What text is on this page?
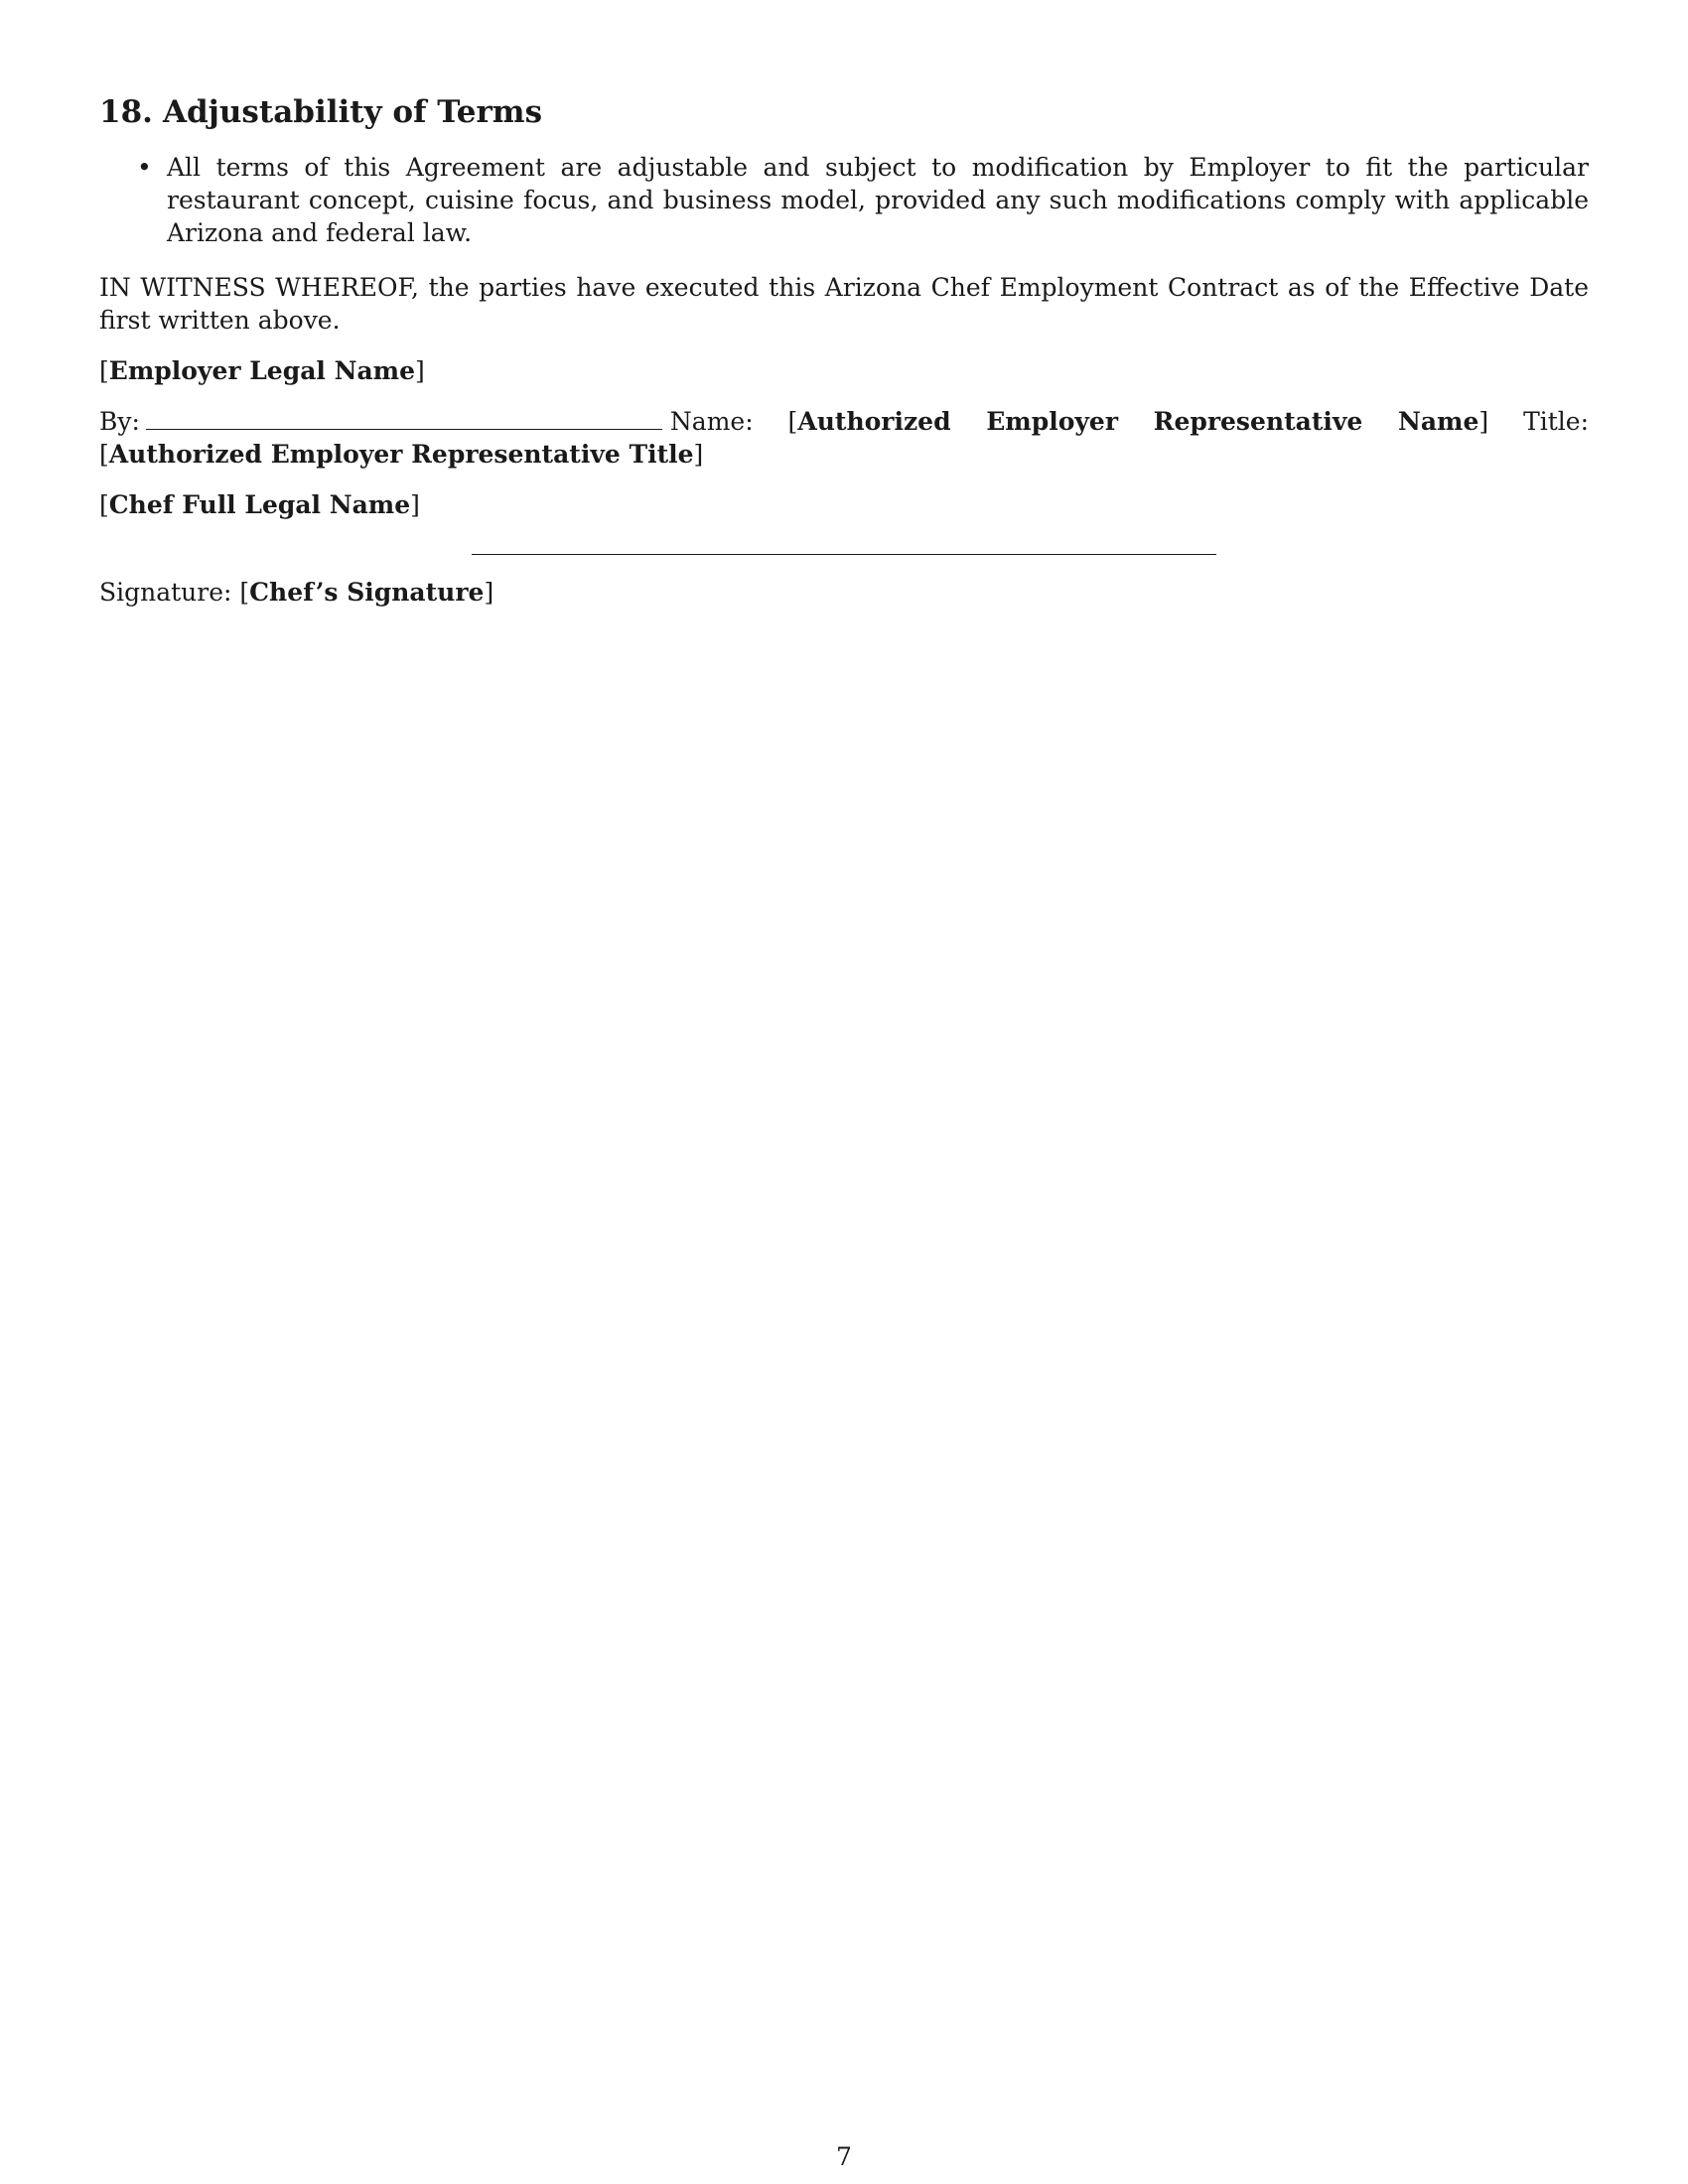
18. Adjustability of Terms
• All terms of this Agreement are adjustable and subject to modification by Employer to fit the particular restaurant concept, cuisine focus, and business model, provided any such modifications comply with applicable Arizona and federal law.

IN WITNESS WHEREOF, the parties have executed this Arizona Chef Employment Contract as of the Effective Date first written above.

[Employer Legal Name]

By:	Name: [Authorized Employer Representative Name] Title: [Authorized Employer Representative Title]

[Chef Full Legal Name]

Signature: [Chef’s Signature]
7
